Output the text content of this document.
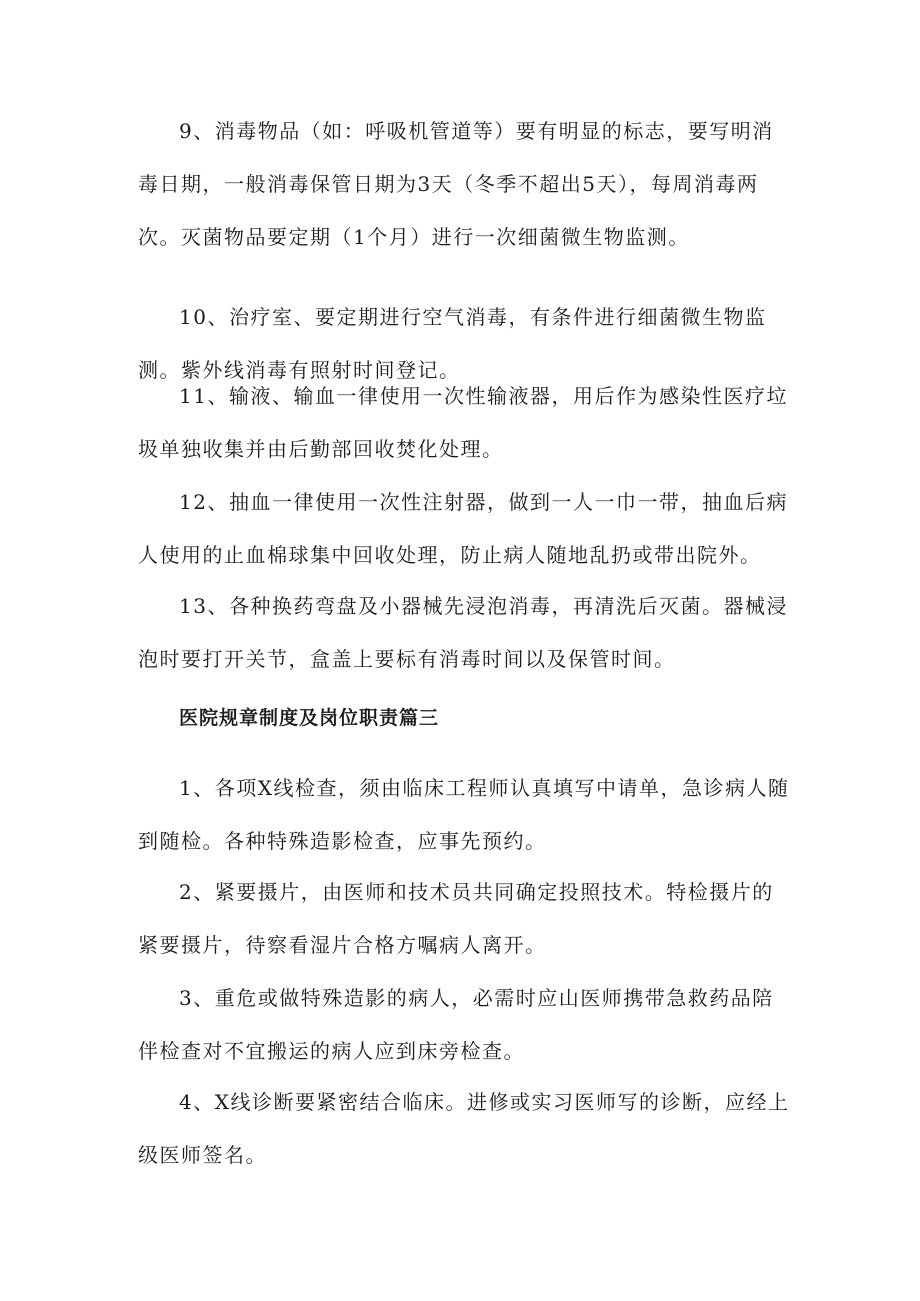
9、消毒物品（如：呼吸机管道等）要有明显的标志，要写明消毒日期，一般消毒保管日期为3天（冬季不超出5天），每周消毒两次。灭菌物品要定期（1个月）进行一次细菌微生物监测。

10、治疗室、要定期进行空气消毒，有条件进行细菌微生物监测。紫外线消毒有照射时间登记。

11、输液、输血一律使用一次性输液器，用后作为感染性医疗垃圾单独收集并由后勤部回收焚化处理。

12、抽血一律使用一次性注射器，做到一人一巾一带，抽血后病人使用的止血棉球集中回收处理，防止病人随地乱扔或带出院外。

13、各种换药弯盘及小器械先浸泡消毒，再清洗后灭菌。器械浸泡时要打开关节，盒盖上要标有消毒时间以及保管时间。

医院规章制度及岗位职责篇三

1、各项X线检查，须由临床工程师认真填写中请单，急诊病人随到随检。各种特殊造影检查，应事先预约。

2、紧要摄片，由医师和技术员共同确定投照技术。特检摄片的紧要摄片，待察看湿片合格方嘱病人离开。

3、重危或做特殊造影的病人，必需时应山医师携带急救药品陪伴检查对不宜搬运的病人应到床旁检查。

4、X线诊断要紧密结合临床。进修或实习医师写的诊断，应经上级医师签名。
